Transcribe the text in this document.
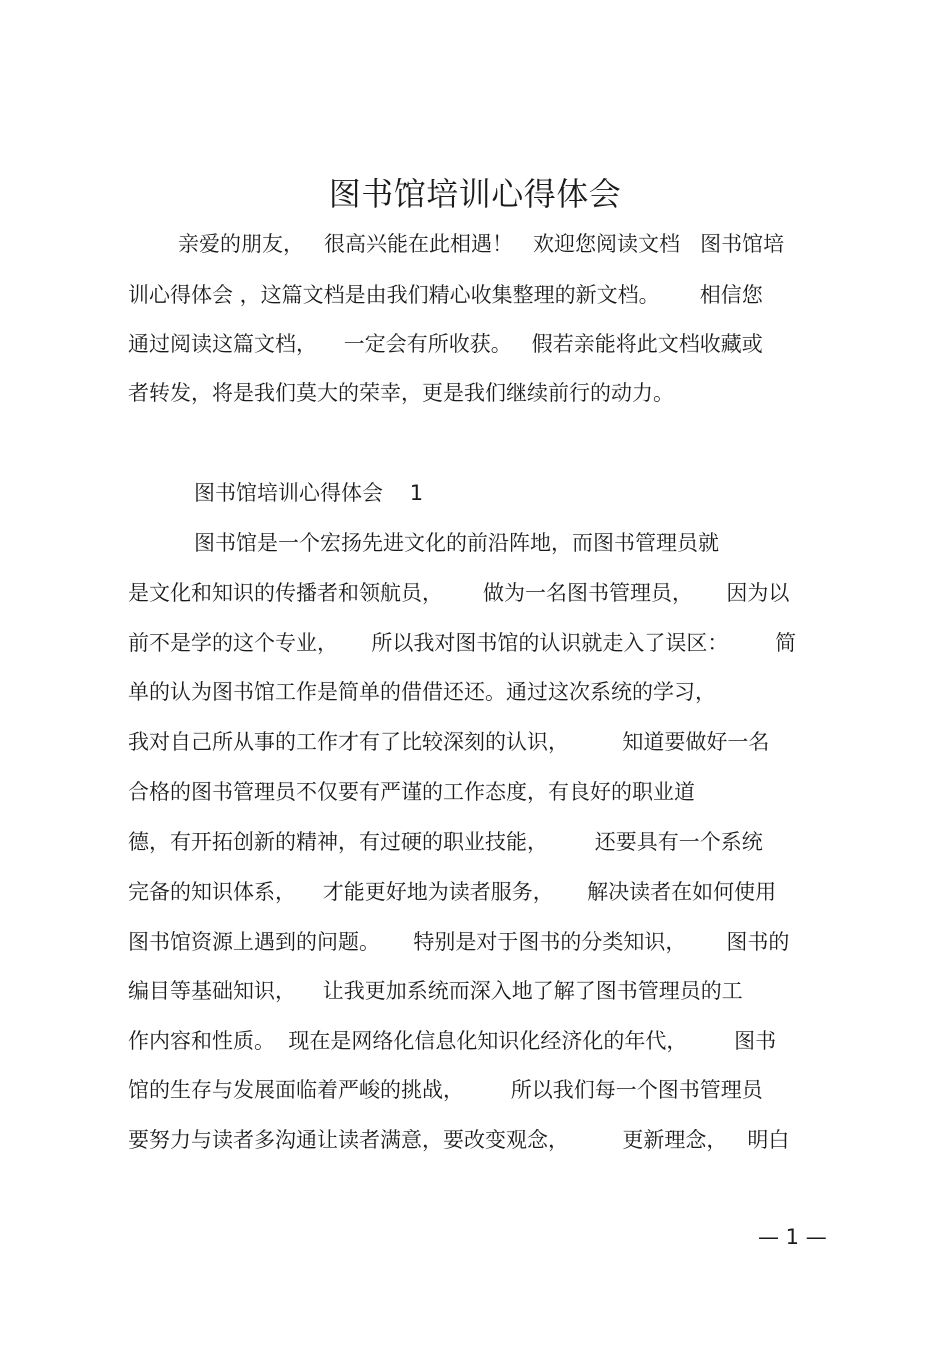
图书馆培训心得体会
亲爱的朋友，   很高兴能在此相遇！   欢迎您阅读文档   图书馆培
训心得体会 ，这篇文档是由我们精心收集整理的新文档。      相信您
通过阅读这篇文档，    一定会有所收获。   假若亲能将此文档收藏或
者转发，将是我们莫大的荣幸，更是我们继续前行的动力。
图书馆培训心得体会    1
图书馆是一个宏扬先进文化的前沿阵地，而图书管理员就
是文化和知识的传播者和领航员，      做为一名图书管理员，     因为以
前不是学的这个专业，     所以我对图书馆的认识就走入了误区：       简
单的认为图书馆工作是简单的借借还还。通过这次系统的学习，
我对自己所从事的工作才有了比较深刻的认识，        知道要做好一名
合格的图书管理员不仅要有严谨的工作态度，有良好的职业道
德，有开拓创新的精神，有过硬的职业技能，       还要具有一个系统
完备的知识体系，    才能更好地为读者服务，     解决读者在如何使用
图书馆资源上遇到的问题。     特别是对于图书的分类知识，      图书的
编目等基础知识，    让我更加系统而深入地了解了图书管理员的工
作内容和性质。  现在是网络化信息化知识化经济化的年代，       图书
馆的生存与发展面临着严峻的挑战，       所以我们每一个图书管理员
要努力与读者多沟通让读者满意，要改变观念，        更新理念，   明白
— 1 —
